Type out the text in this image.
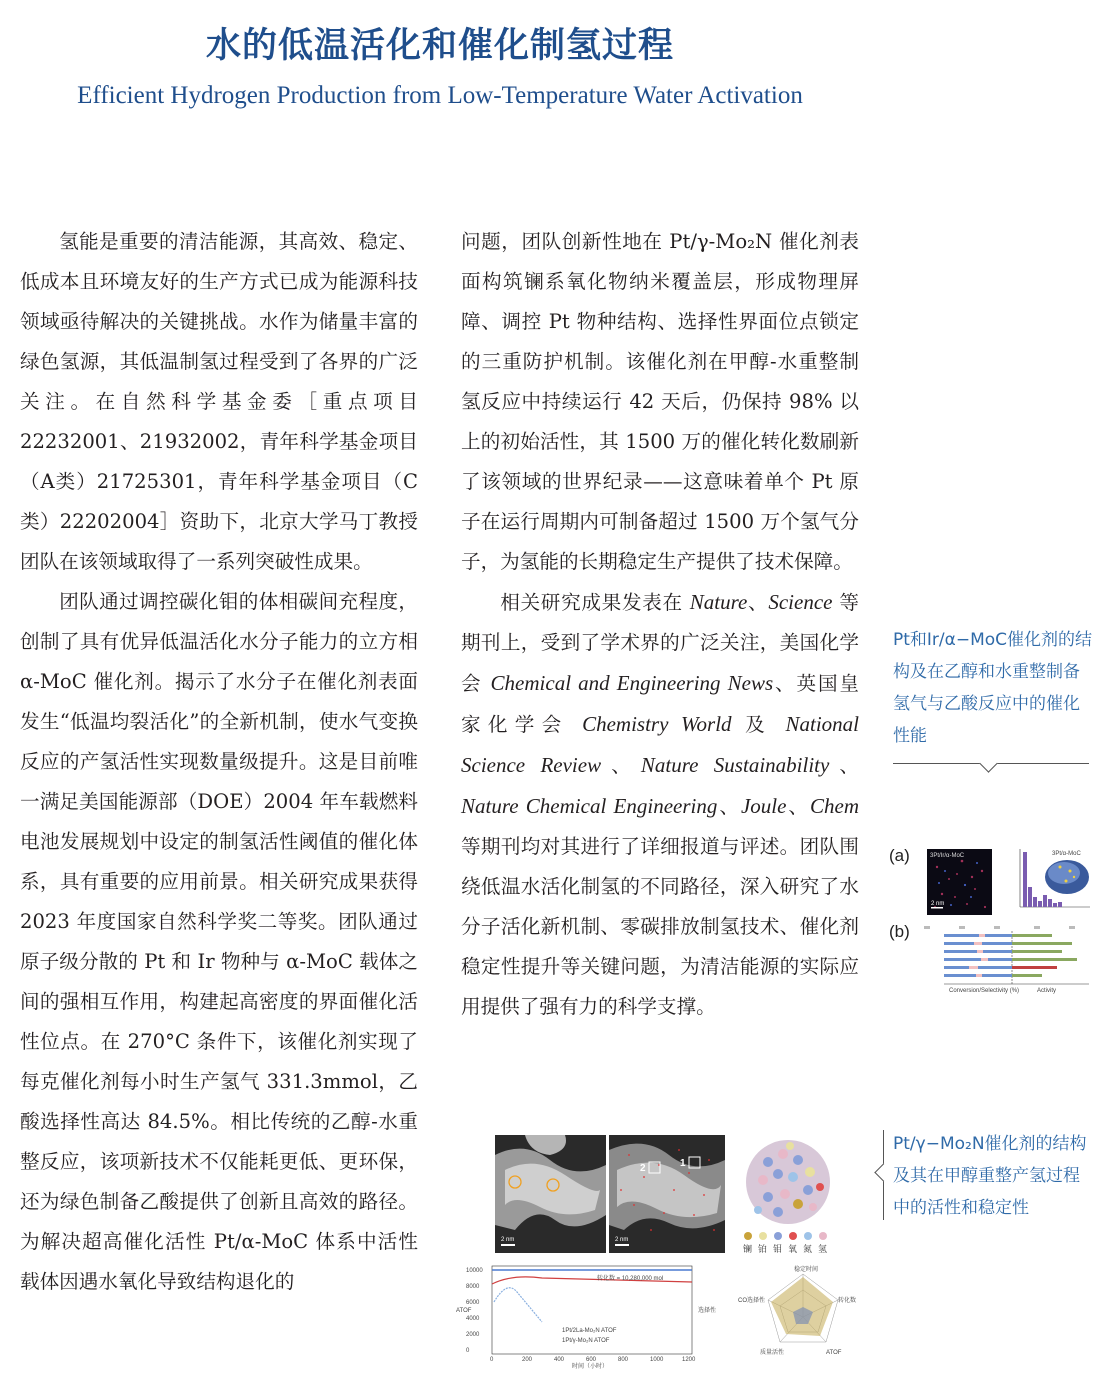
水的低温活化和催化制氢过程
Efficient Hydrogen Production from Low-Temperature Water Activation

氢能是重要的清洁能源，其高效、稳定、低成本且环境友好的生产方式已成为能源科技领域亟待解决的关键挑战。水作为储量丰富的绿色氢源，其低温制氢过程受到了各界的广泛关注。在自然科学基金委［重点项目 22232001、21932002，青年科学基金项目（A类）21725301，青年科学基金项目（C类）22202004］资助下，北京大学马丁教授团队在该领域取得了一系列突破性成果。

团队通过调控碳化钼的体相碳间充程度，创制了具有优异低温活化水分子能力的立方相 α-MoC 催化剂。揭示了水分子在催化剂表面发生“低温均裂活化”的全新机制，使水气变换反应的产氢活性实现数量级提升。这是目前唯一满足美国能源部（DOE）2004 年车载燃料电池发展规划中设定的制氢活性阈值的催化体系，具有重要的应用前景。相关研究成果获得 2023 年度国家自然科学奖二等奖。团队通过原子级分散的 Pt 和 Ir 物种与 α-MoC 载体之间的强相互作用，构建起高密度的界面催化活性位点。在 270°C 条件下，该催化剂实现了每克催化剂每小时生产氢气 331.3mmol，乙酸选择性高达 84.5%。相比传统的乙醇-水重整反应，该项新技术不仅能耗更低、更环保，还为绿色制备乙酸提供了创新且高效的路径。为解决超高催化活性 Pt/α-MoC 体系中活性载体因遇水氧化导致结构退化的

问题，团队创新性地在 Pt/γ-Mo₂N 催化剂表面构筑镧系氧化物纳米覆盖层，形成物理屏障、调控 Pt 物种结构、选择性界面位点锁定的三重防护机制。该催化剂在甲醇-水重整制氢反应中持续运行 42 天后，仍保持 98% 以上的初始活性，其 1500 万的催化转化数刷新了该领域的世界纪录——这意味着单个 Pt 原子在运行周期内可制备超过 1500 万个氢气分子，为氢能的长期稳定生产提供了技术保障。

相关研究成果发表在 Nature、Science 等期刊上，受到了学术界的广泛关注，美国化学会 Chemical and Engineering News、英国皇家化学会 Chemistry World 及 National Science Review、Nature Sustainability、Nature Chemical Engineering、Joule、Chem 等期刊均对其进行了详细报道与评述。团队围绕低温水活化制氢的不同路径，深入研究了水分子活化新机制、零碳排放制氢技术、催化剂稳定性提升等关键问题，为清洁能源的实际应用提供了强有力的科学支撑。

Pt和Ir/α−MoC催化剂的结构及在乙醇和水重整制备氢气与乙酸反应中的催化性能
(a)
(b)
3Pt/Ir/α-MoC
2 nm
3Pt/α-MoC
Conversion/Selectivity (%)	Activity
Pt/γ−Mo₂N催化剂的结构及其在甲醇重整产氢过程中的活性和稳定性
2 nm
2	1
2 nm
镧 铂 钼 氧 氮 氢
转化数 = 10,280,000 mol
1Pt/2La-Mo₂N ATOF
1Pt/γ-Mo₂N ATOF
时间（小时）
ATOF	选择性
10000
8000
6000
4000
2000
0
0	200	400	600	800	1000	1200
稳定时间
CO选择性	转化数
质量活性	ATOF
